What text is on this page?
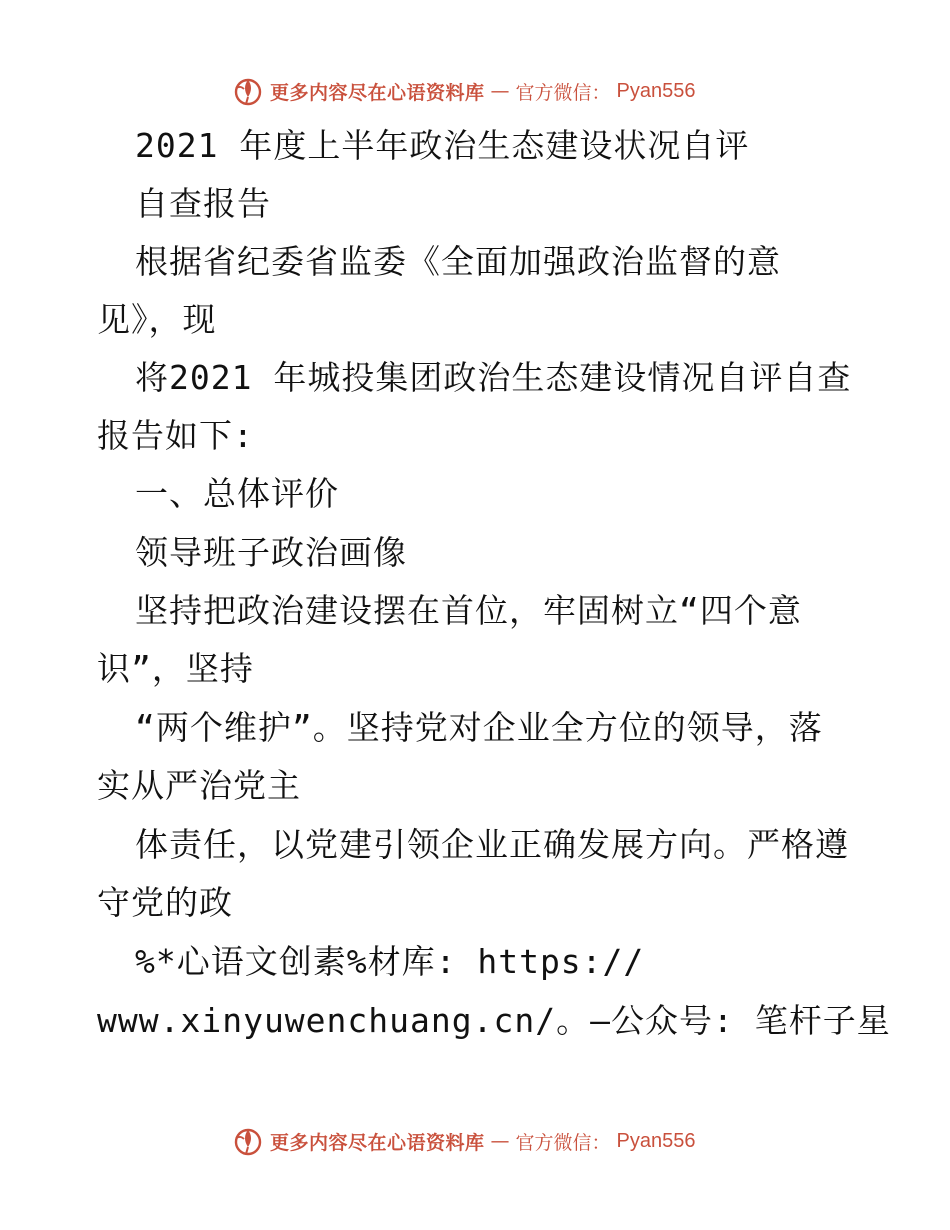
更多内容尽在心语资料库 — 官方微信： Pyan556
2021 年度上半年政治生态建设状况自评
自查报告
根据省纪委省监委《全面加强政治监督的意
见》，现
将2021 年城投集团政治生态建设情况自评自查
报告如下:
一、总体评价
领导班子政治画像
坚持把政治建设摆在首位，牢固树立“四个意
识”，坚持
“两个维护”。坚持党对企业全方位的领导，落
实从严治党主
体责任，以党建引领企业正确发展方向。严格遵
守党的政
%*心语文创素%材库: https://
www.xinyuwenchuang.cn/。—公众号: 笔杆子星
更多内容尽在心语资料库 — 官方微信： Pyan556
